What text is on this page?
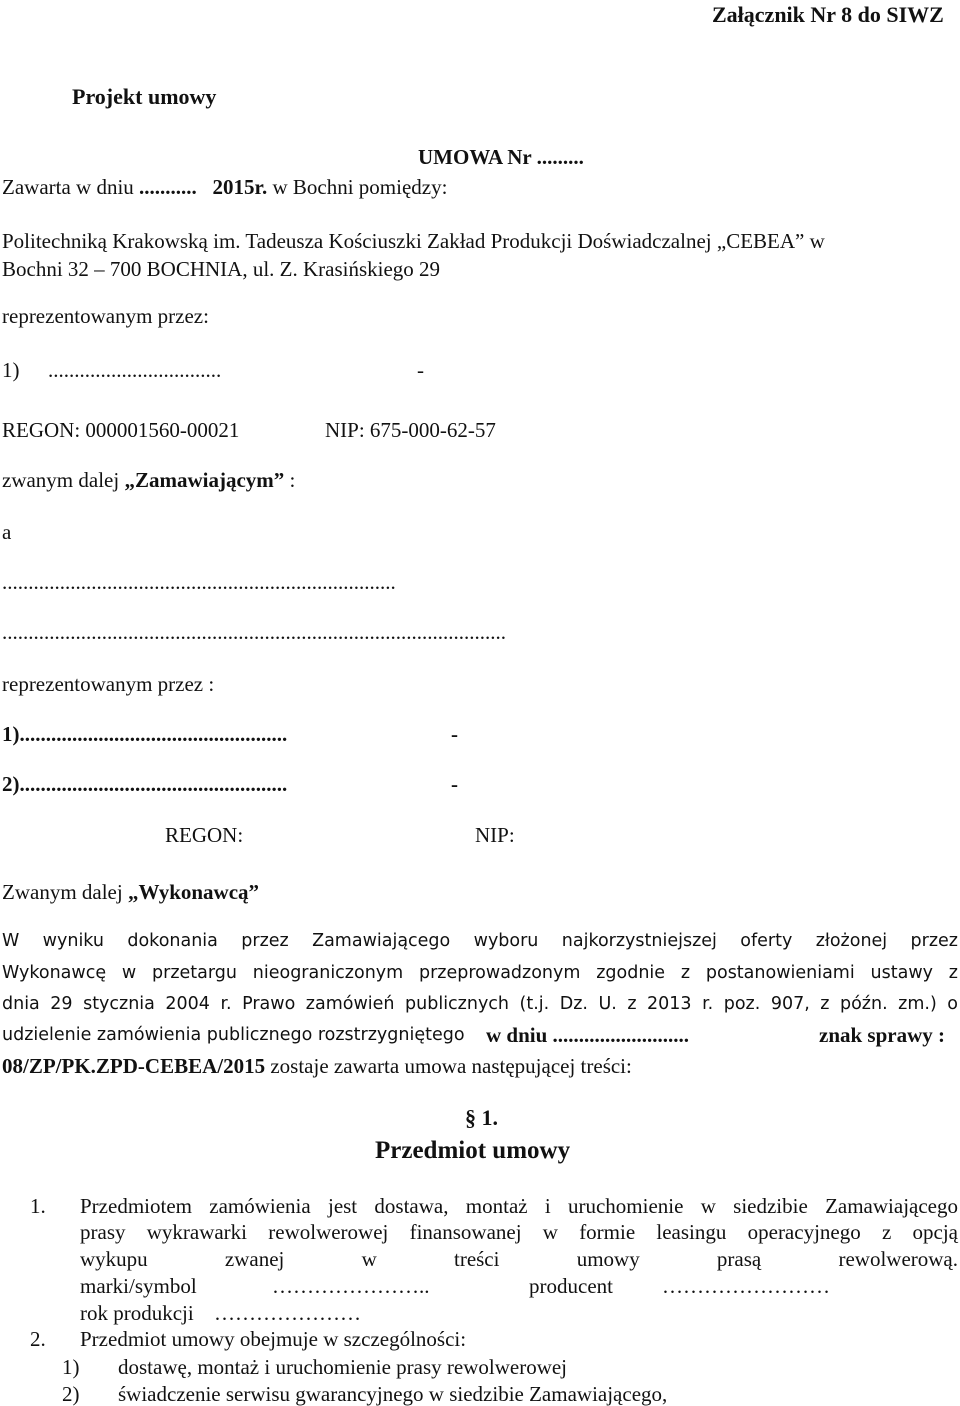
Załącznik Nr 8 do SIWZ
Projekt umowy
UMOWA Nr .........
Zawarta w dniu ........... 2015r. w Bochni pomiędzy:
Politechniką Krakowską im. Tadeusza Kościuszki Zakład Produkcji Doświadczalnej „CEBEA” w
Bochni 32 – 700 BOCHNIA, ul. Z. Krasińskiego 29
reprezentowanym przez:
1) .................................	-
REGON: 000001560-00021	NIP: 675-000-62-57
zwanym dalej „Zamawiającym” :
a
...........................................................................
................................................................................................
reprezentowanym przez :
1)...................................................	-
2)...................................................	-
REGON:	NIP:
Zwanym dalej „Wykonawcą”
W wyniku dokonania przez Zamawiającego wyboru najkorzystniejszej oferty złożonej przez
Wykonawcę w przetargu nieograniczonym przeprowadzonym zgodnie z postanowieniami ustawy z
dnia 29 stycznia 2004 r. Prawo zamówień publicznych (t.j. Dz. U. z 2013 r. poz. 907, z późn. zm.) o
udzielenie zamówienia publicznego rozstrzygniętego w dniu ..........................	znak sprawy :
08/ZP/PK.ZPD-CEBEA/2015 zostaje zawarta umowa następującej treści:
§ 1.
Przedmiot umowy
1. Przedmiotem zamówienia jest dostawa, montaż i uruchomienie w siedzibie Zamawiającego
prasy wykrawarki rewolwerowej finansowanej w formie leasingu operacyjnego z opcją
wykupu zwanej w treści umowy prasą rewolwerową.
marki/symbol	…………………..	producent ……………………
rok produkcji …………………
2. Przedmiot umowy obejmuje w szczególności:
1) dostawę, montaż i uruchomienie prasy rewolwerowej
2) świadczenie serwisu gwarancyjnego w siedzibie Zamawiającego,
